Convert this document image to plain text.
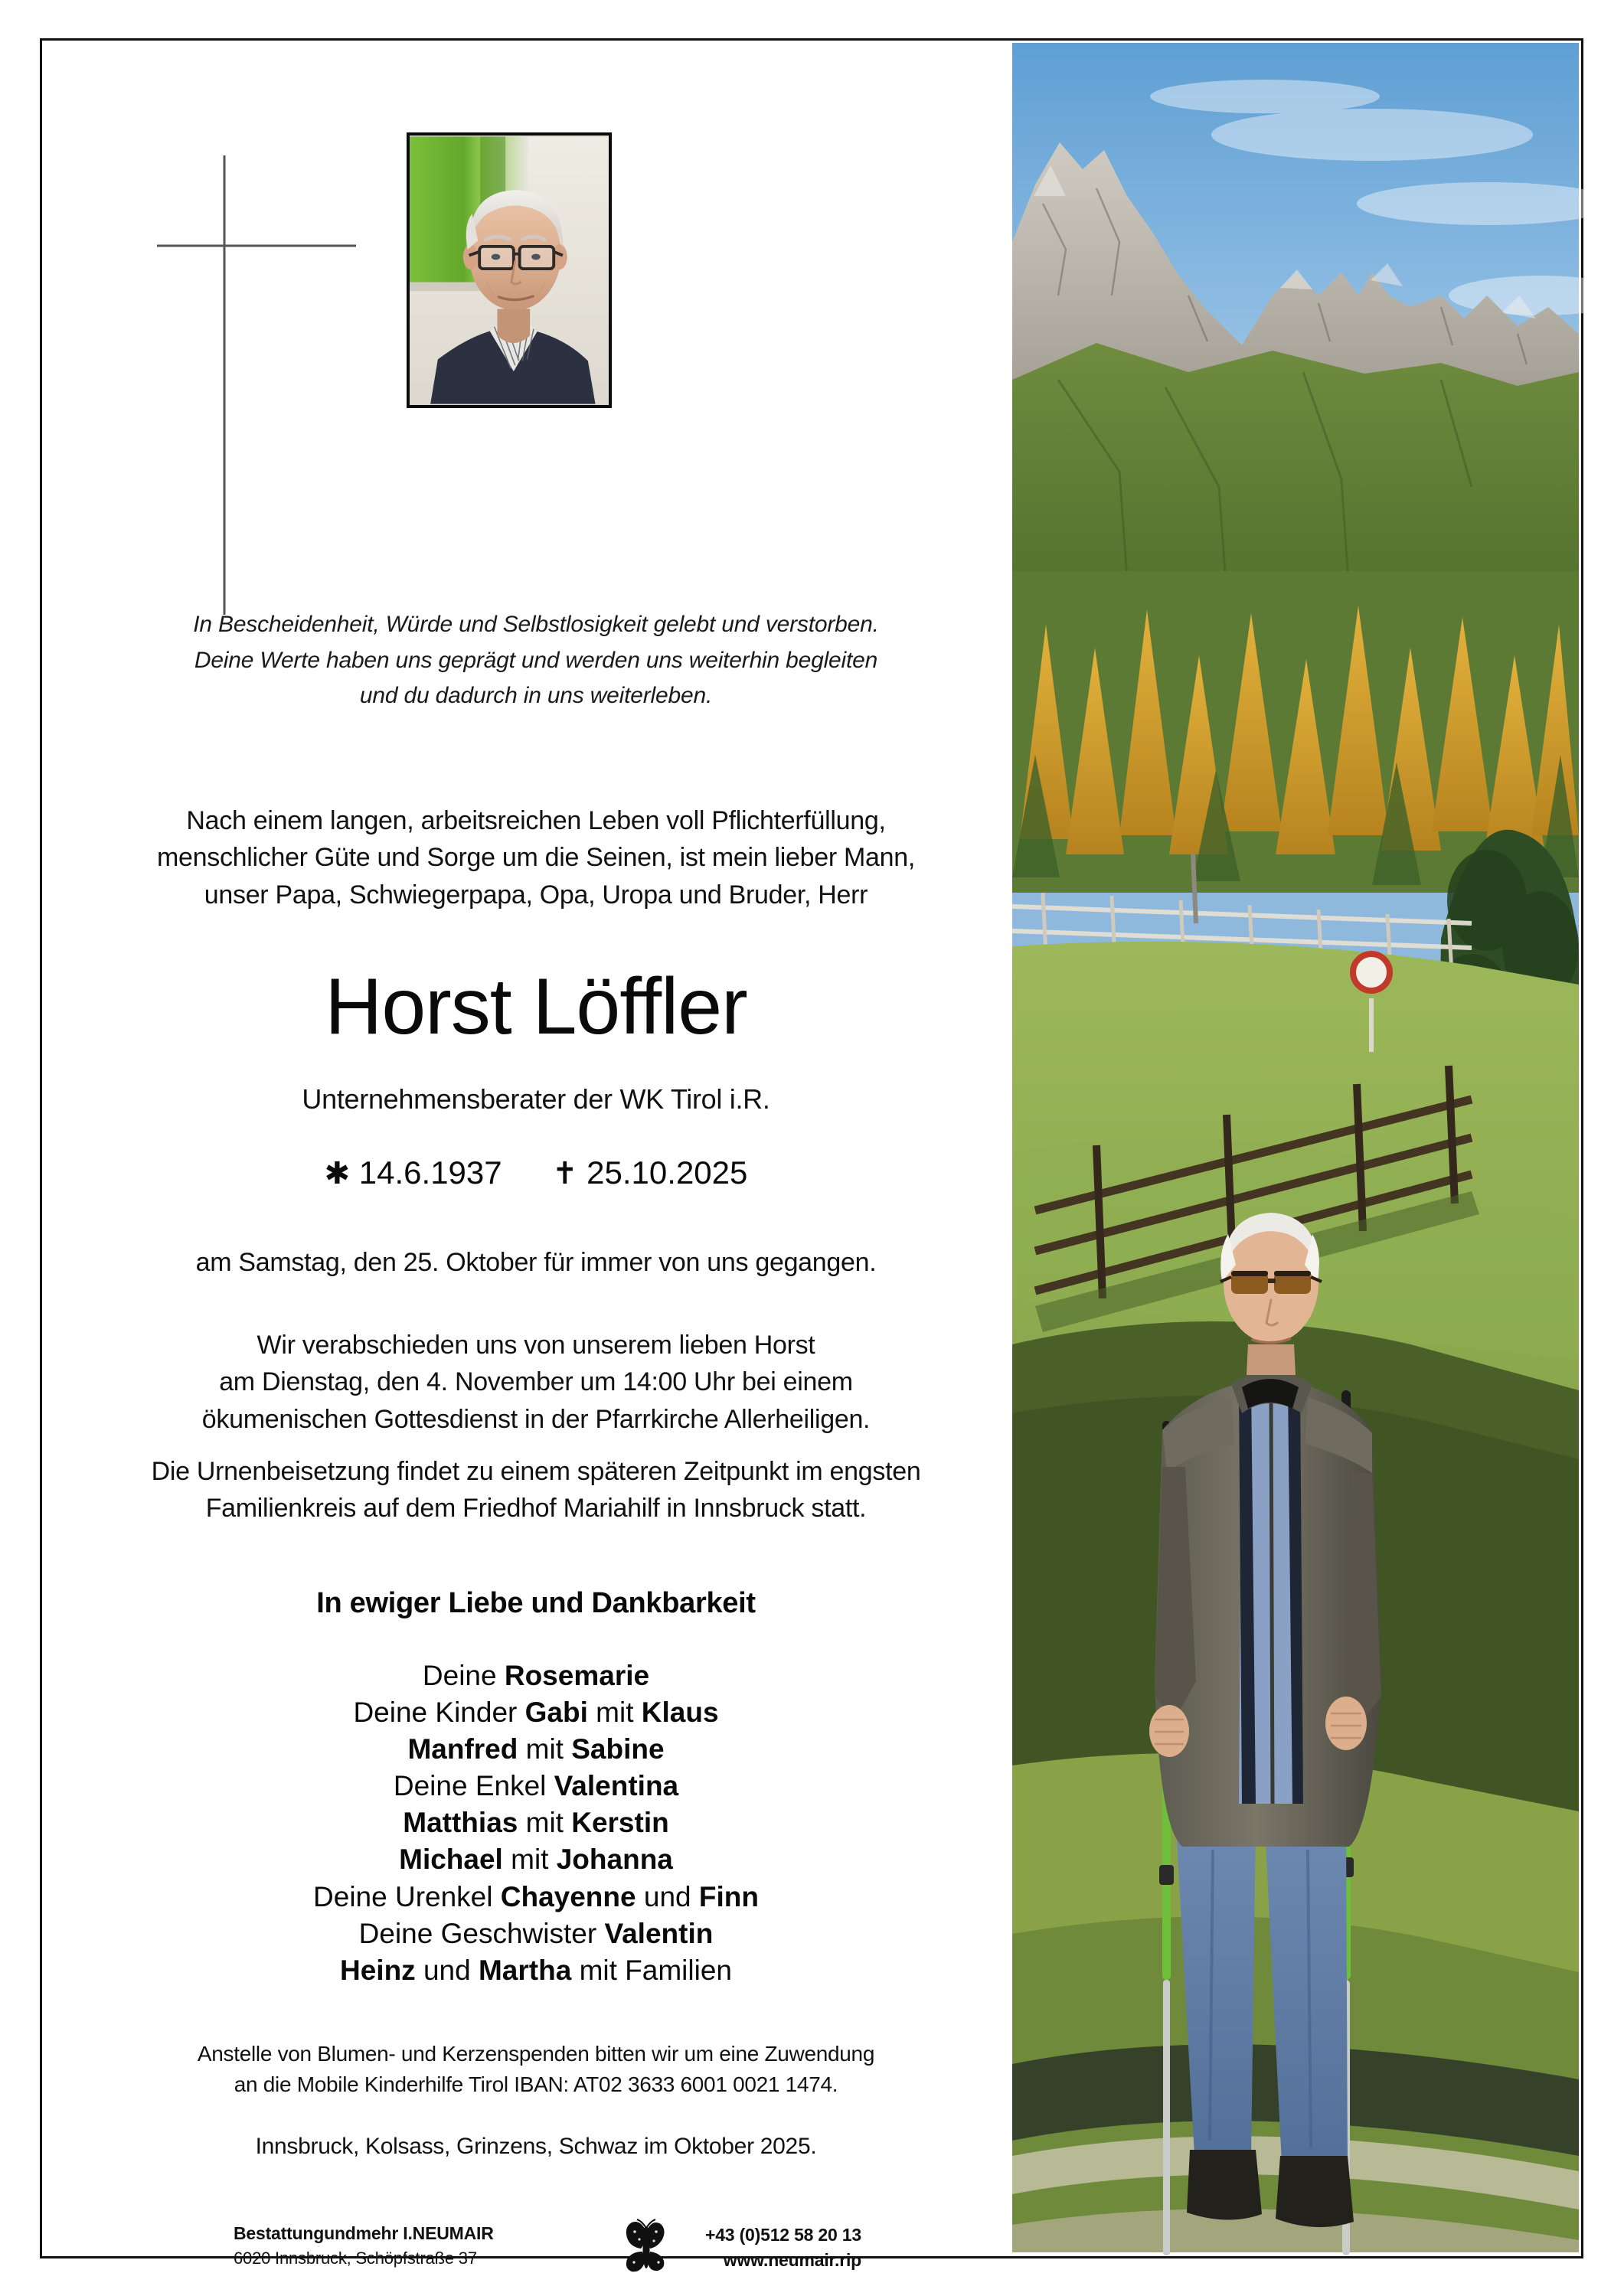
In Bescheidenheit, Würde und Selbstlosigkeit gelebt und verstorben.
Deine Werte haben uns geprägt und werden uns weiterhin begleiten
und du dadurch in uns weiterleben.
Nach einem langen, arbeitsreichen Leben voll Pflichterfüllung,
menschlicher Güte und Sorge um die Seinen, ist mein lieber Mann,
unser Papa, Schwiegerpapa, Opa, Uropa und Bruder, Herr
Horst Löffler
Unternehmensberater der WK Tirol i.R.
✱ 14.6.1937 ✝ 25.10.2025
am Samstag, den 25. Oktober für immer von uns gegangen.
Wir verabschieden uns von unserem lieben Horst
am Dienstag, den 4. November um 14:00 Uhr bei einem
ökumenischen Gottesdienst in der Pfarrkirche Allerheiligen.
Die Urnenbeisetzung findet zu einem späteren Zeitpunkt im engsten
Familienkreis auf dem Friedhof Mariahilf in Innsbruck statt.
In ewiger Liebe und Dankbarkeit
Deine Rosemarie
Deine Kinder Gabi mit Klaus
Manfred mit Sabine
Deine Enkel Valentina
Matthias mit Kerstin
Michael mit Johanna
Deine Urenkel Chayenne und Finn
Deine Geschwister Valentin
Heinz und Martha mit Familien
Anstelle von Blumen- und Kerzenspenden bitten wir um eine Zuwendung
an die Mobile Kinderhilfe Tirol IBAN: AT02 3633 6001 0021 1474.
Innsbruck, Kolsass, Grinzens, Schwaz im Oktober 2025.
Bestattungundmehr I.NEUMAIR
6020 Innsbruck, Schöpfstraße 37
+43 (0)512 58 20 13
www.neumair.rip
